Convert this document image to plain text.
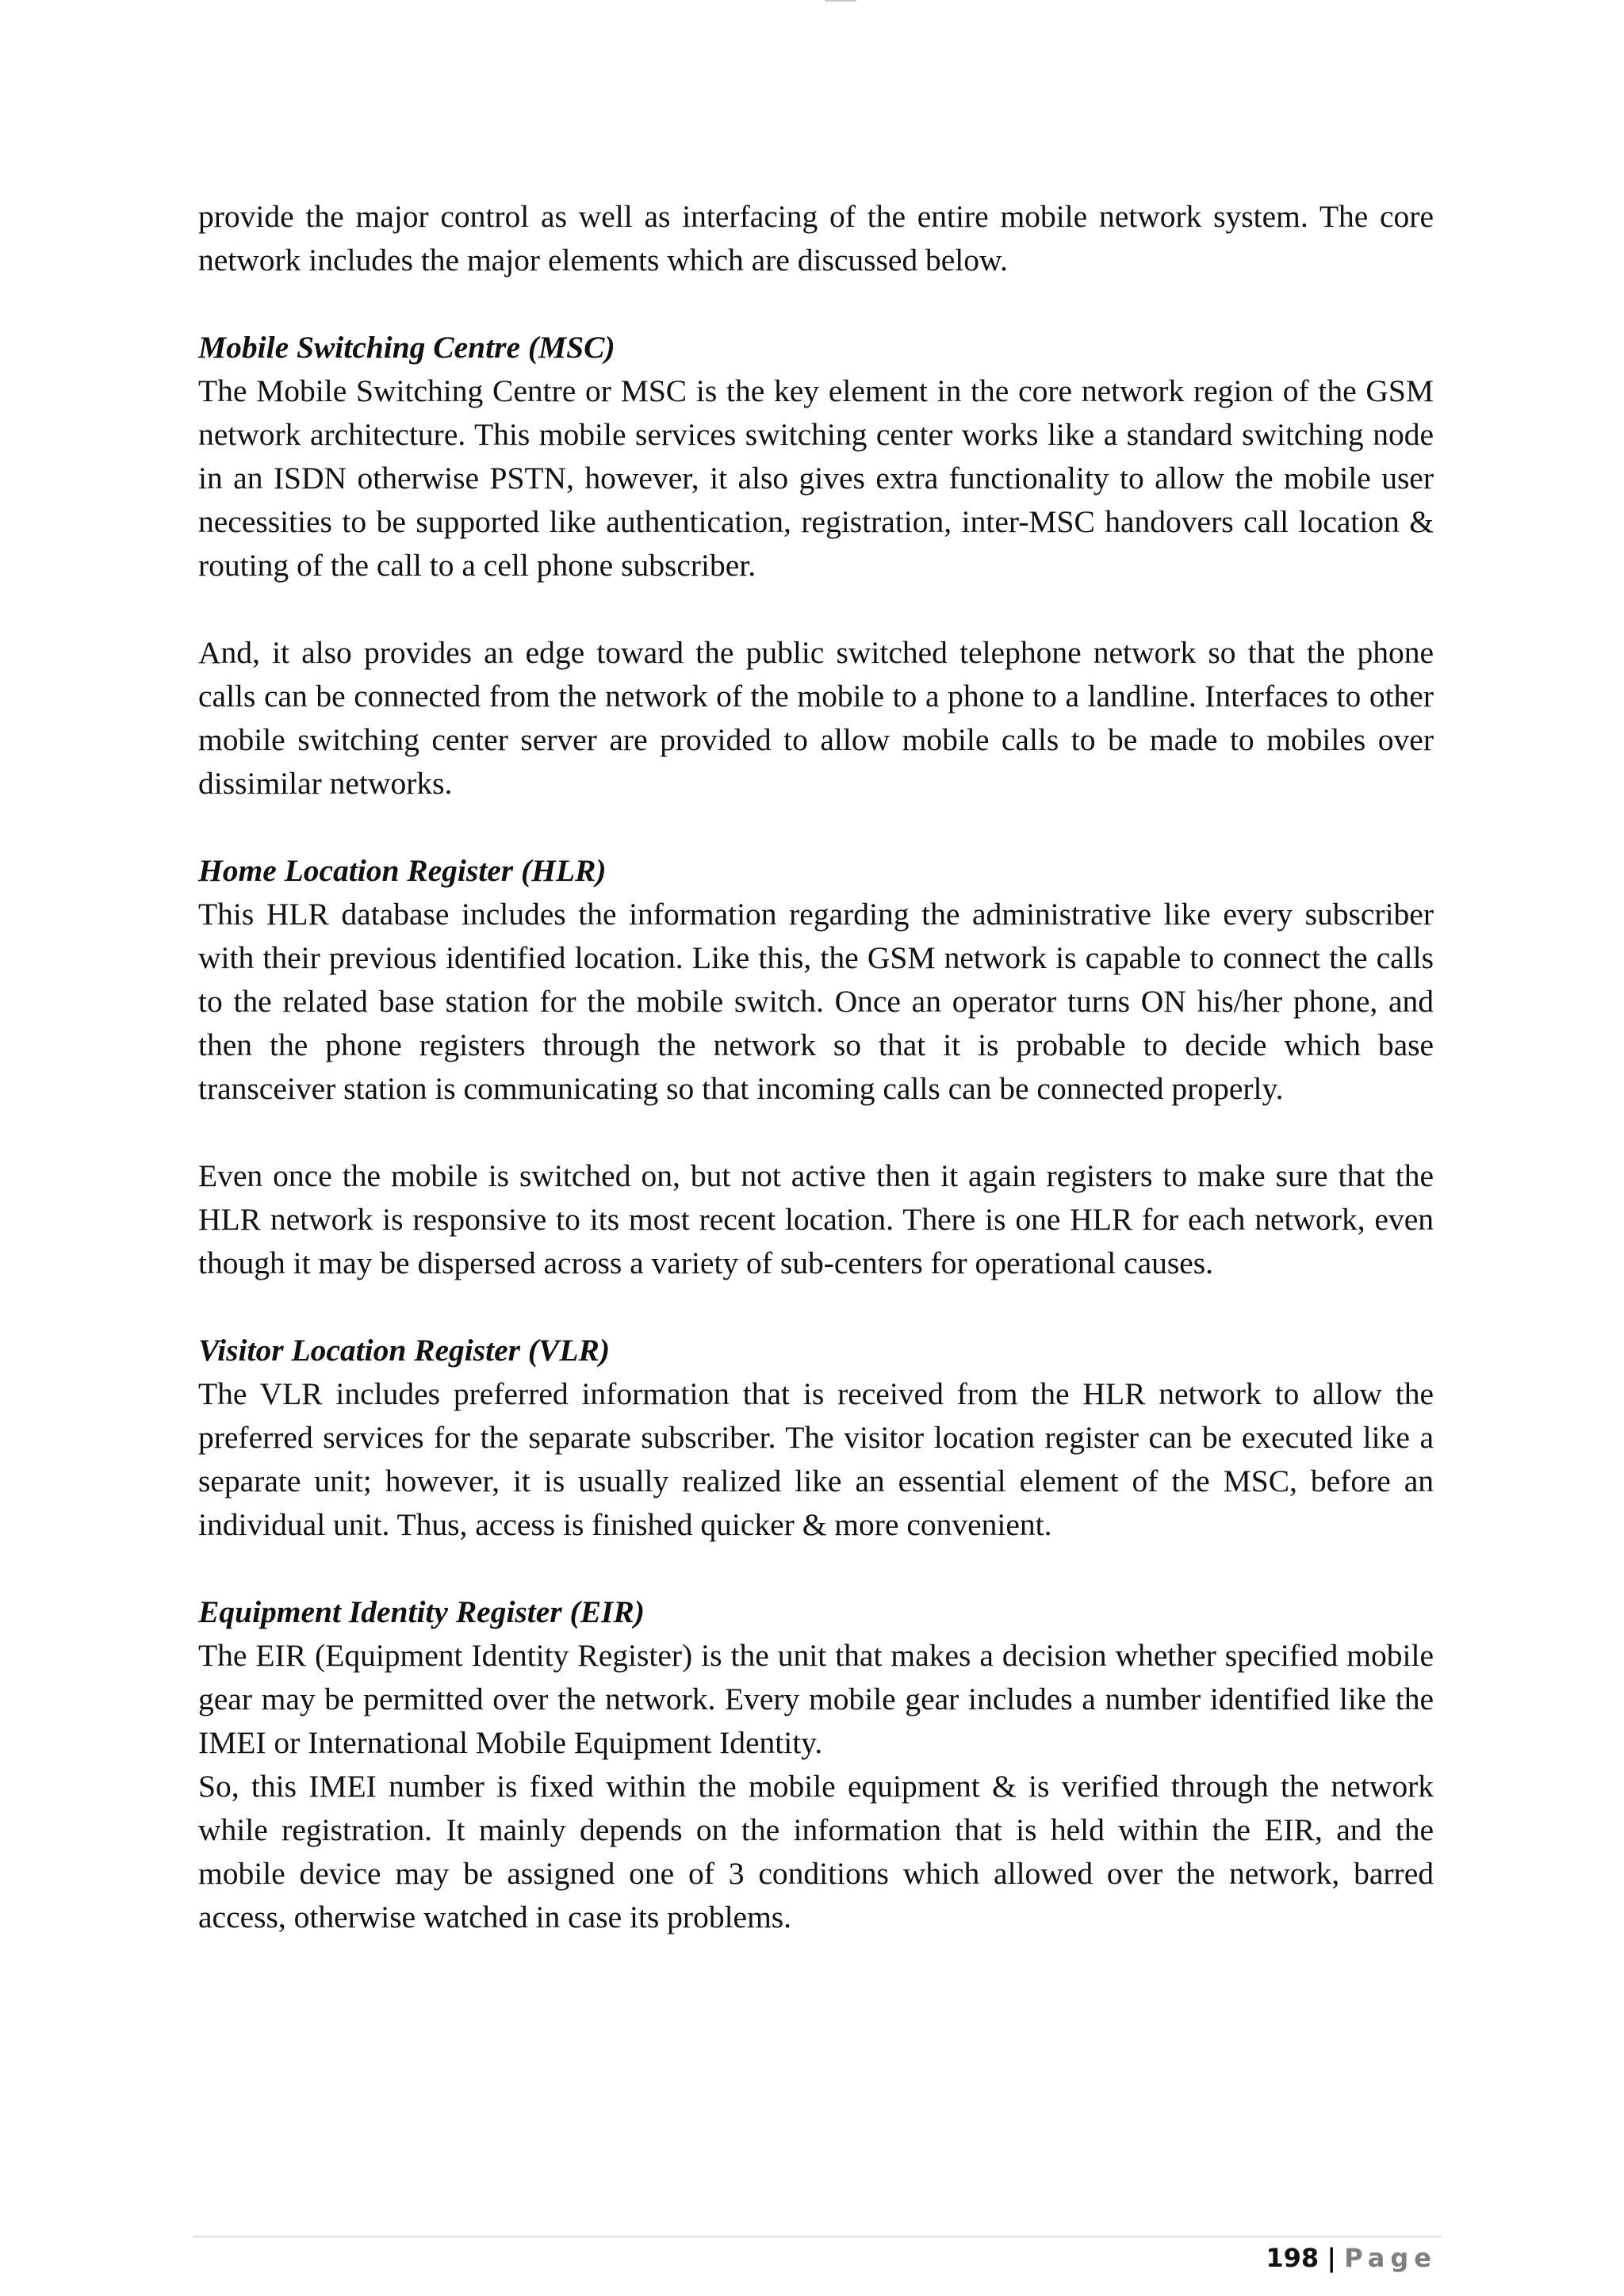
provide the major control as well as interfacing of the entire mobile network system. The core network includes the major elements which are discussed below.

Mobile Switching Centre (MSC)

The Mobile Switching Centre or MSC is the key element in the core network region of the GSM network architecture. This mobile services switching center works like a standard switching node in an ISDN otherwise PSTN, however, it also gives extra functionality to allow the mobile user necessities to be supported like authentication, registration, inter-MSC handovers call location & routing of the call to a cell phone subscriber.

And, it also provides an edge toward the public switched telephone network so that the phone calls can be connected from the network of the mobile to a phone to a landline. Interfaces to other mobile switching center server are provided to allow mobile calls to be made to mobiles over dissimilar networks.

Home Location Register (HLR)

This HLR database includes the information regarding the administrative like every subscriber with their previous identified location. Like this, the GSM network is capable to connect the calls to the related base station for the mobile switch. Once an operator turns ON his/her phone, and then the phone registers through the network so that it is probable to decide which base transceiver station is communicating so that incoming calls can be connected properly.

Even once the mobile is switched on, but not active then it again registers to make sure that the HLR network is responsive to its most recent location. There is one HLR for each network, even though it may be dispersed across a variety of sub-centers for operational causes.

Visitor Location Register (VLR)

The VLR includes preferred information that is received from the HLR network to allow the preferred services for the separate subscriber. The visitor location register can be executed like a separate unit; however, it is usually realized like an essential element of the MSC, before an individual unit. Thus, access is finished quicker & more convenient.

Equipment Identity Register (EIR)

The EIR (Equipment Identity Register) is the unit that makes a decision whether specified mobile gear may be permitted over the network. Every mobile gear includes a number identified like the IMEI or International Mobile Equipment Identity.

So, this IMEI number is fixed within the mobile equipment & is verified through the network while registration. It mainly depends on the information that is held within the EIR, and the mobile device may be assigned one of 3 conditions which allowed over the network, barred access, otherwise watched in case its problems.

198 | Page
